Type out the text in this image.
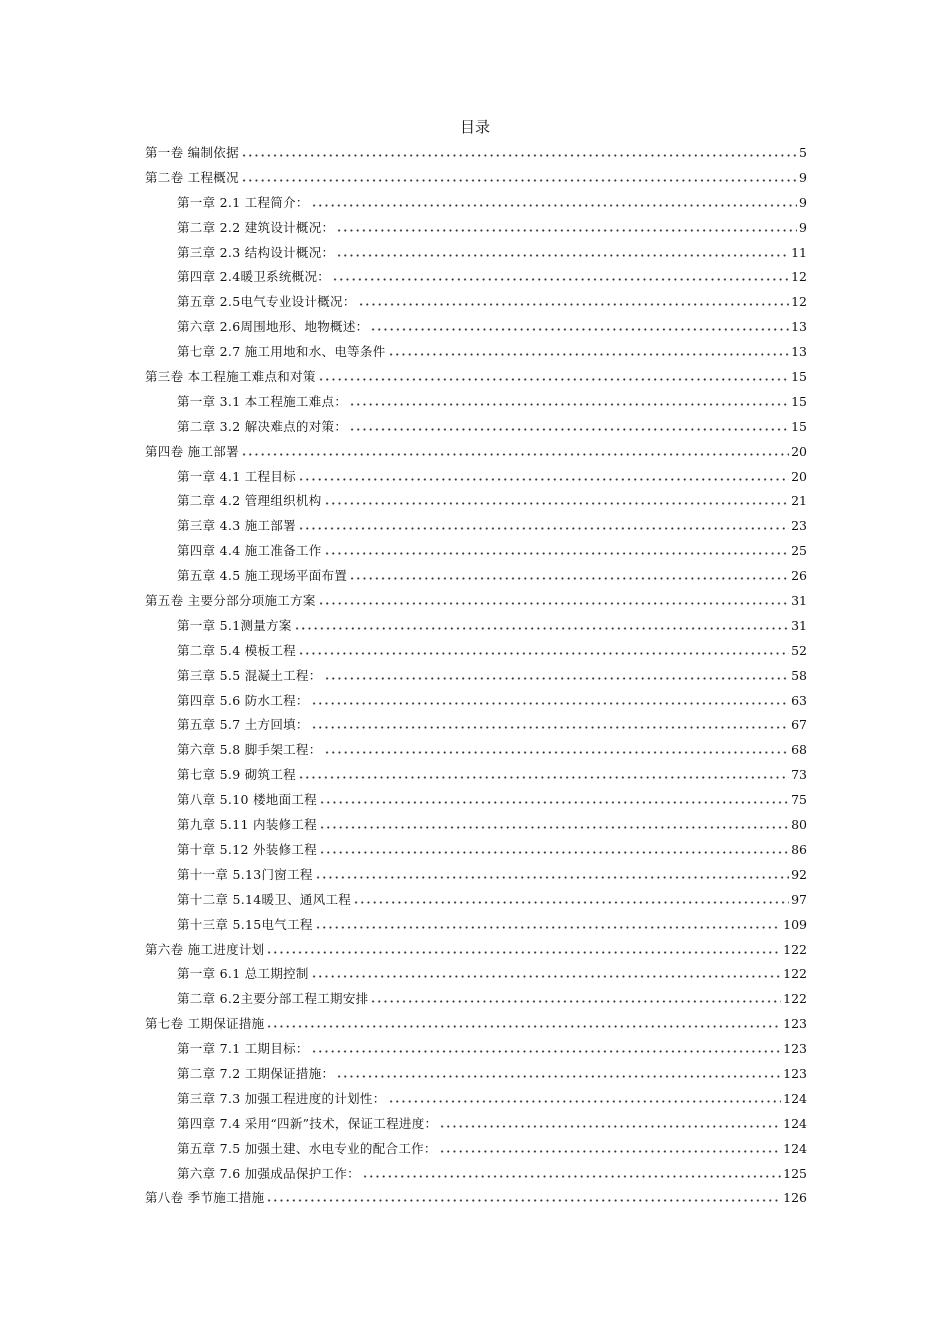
目录
第一卷 编制依据	5
第二卷 工程概况	9
第一章 2.1 工程简介：	9
第二章 2.2 建筑设计概况：	9
第三章 2.3 结构设计概况：	11
第四章 2.4暖卫系统概况：	12
第五章 2.5电气专业设计概况：	12
第六章 2.6周围地形、地物概述：	13
第七章 2.7 施工用地和水、电等条件	13
第三卷 本工程施工难点和对策	15
第一章 3.1 本工程施工难点：	15
第二章 3.2 解决难点的对策：	15
第四卷 施工部署	20
第一章 4.1 工程目标	20
第二章 4.2 管理组织机构	21
第三章 4.3 施工部署	23
第四章 4.4 施工准备工作	25
第五章 4.5 施工现场平面布置	26
第五卷 主要分部分项施工方案	31
第一章 5.1测量方案	31
第二章 5.4 模板工程	52
第三章 5.5 混凝土工程：	58
第四章 5.6 防水工程：	63
第五章 5.7 土方回填：	67
第六章 5.8 脚手架工程：	68
第七章 5.9 砌筑工程	73
第八章 5.10 楼地面工程	75
第九章 5.11 内装修工程	80
第十章 5.12 外装修工程	86
第十一章 5.13门窗工程	92
第十二章 5.14暖卫、通风工程	97
第十三章 5.15电气工程	109
第六卷 施工进度计划	122
第一章 6.1 总工期控制	122
第二章 6.2主要分部工程工期安排	122
第七卷 工期保证措施	123
第一章 7.1 工期目标：	123
第二章 7.2 工期保证措施：	123
第三章 7.3 加强工程进度的计划性：	124
第四章 7.4 采用“四新”技术，保证工程进度：	124
第五章 7.5 加强土建、水电专业的配合工作：	124
第六章 7.6 加强成品保护工作：	125
第八卷 季节施工措施	126
